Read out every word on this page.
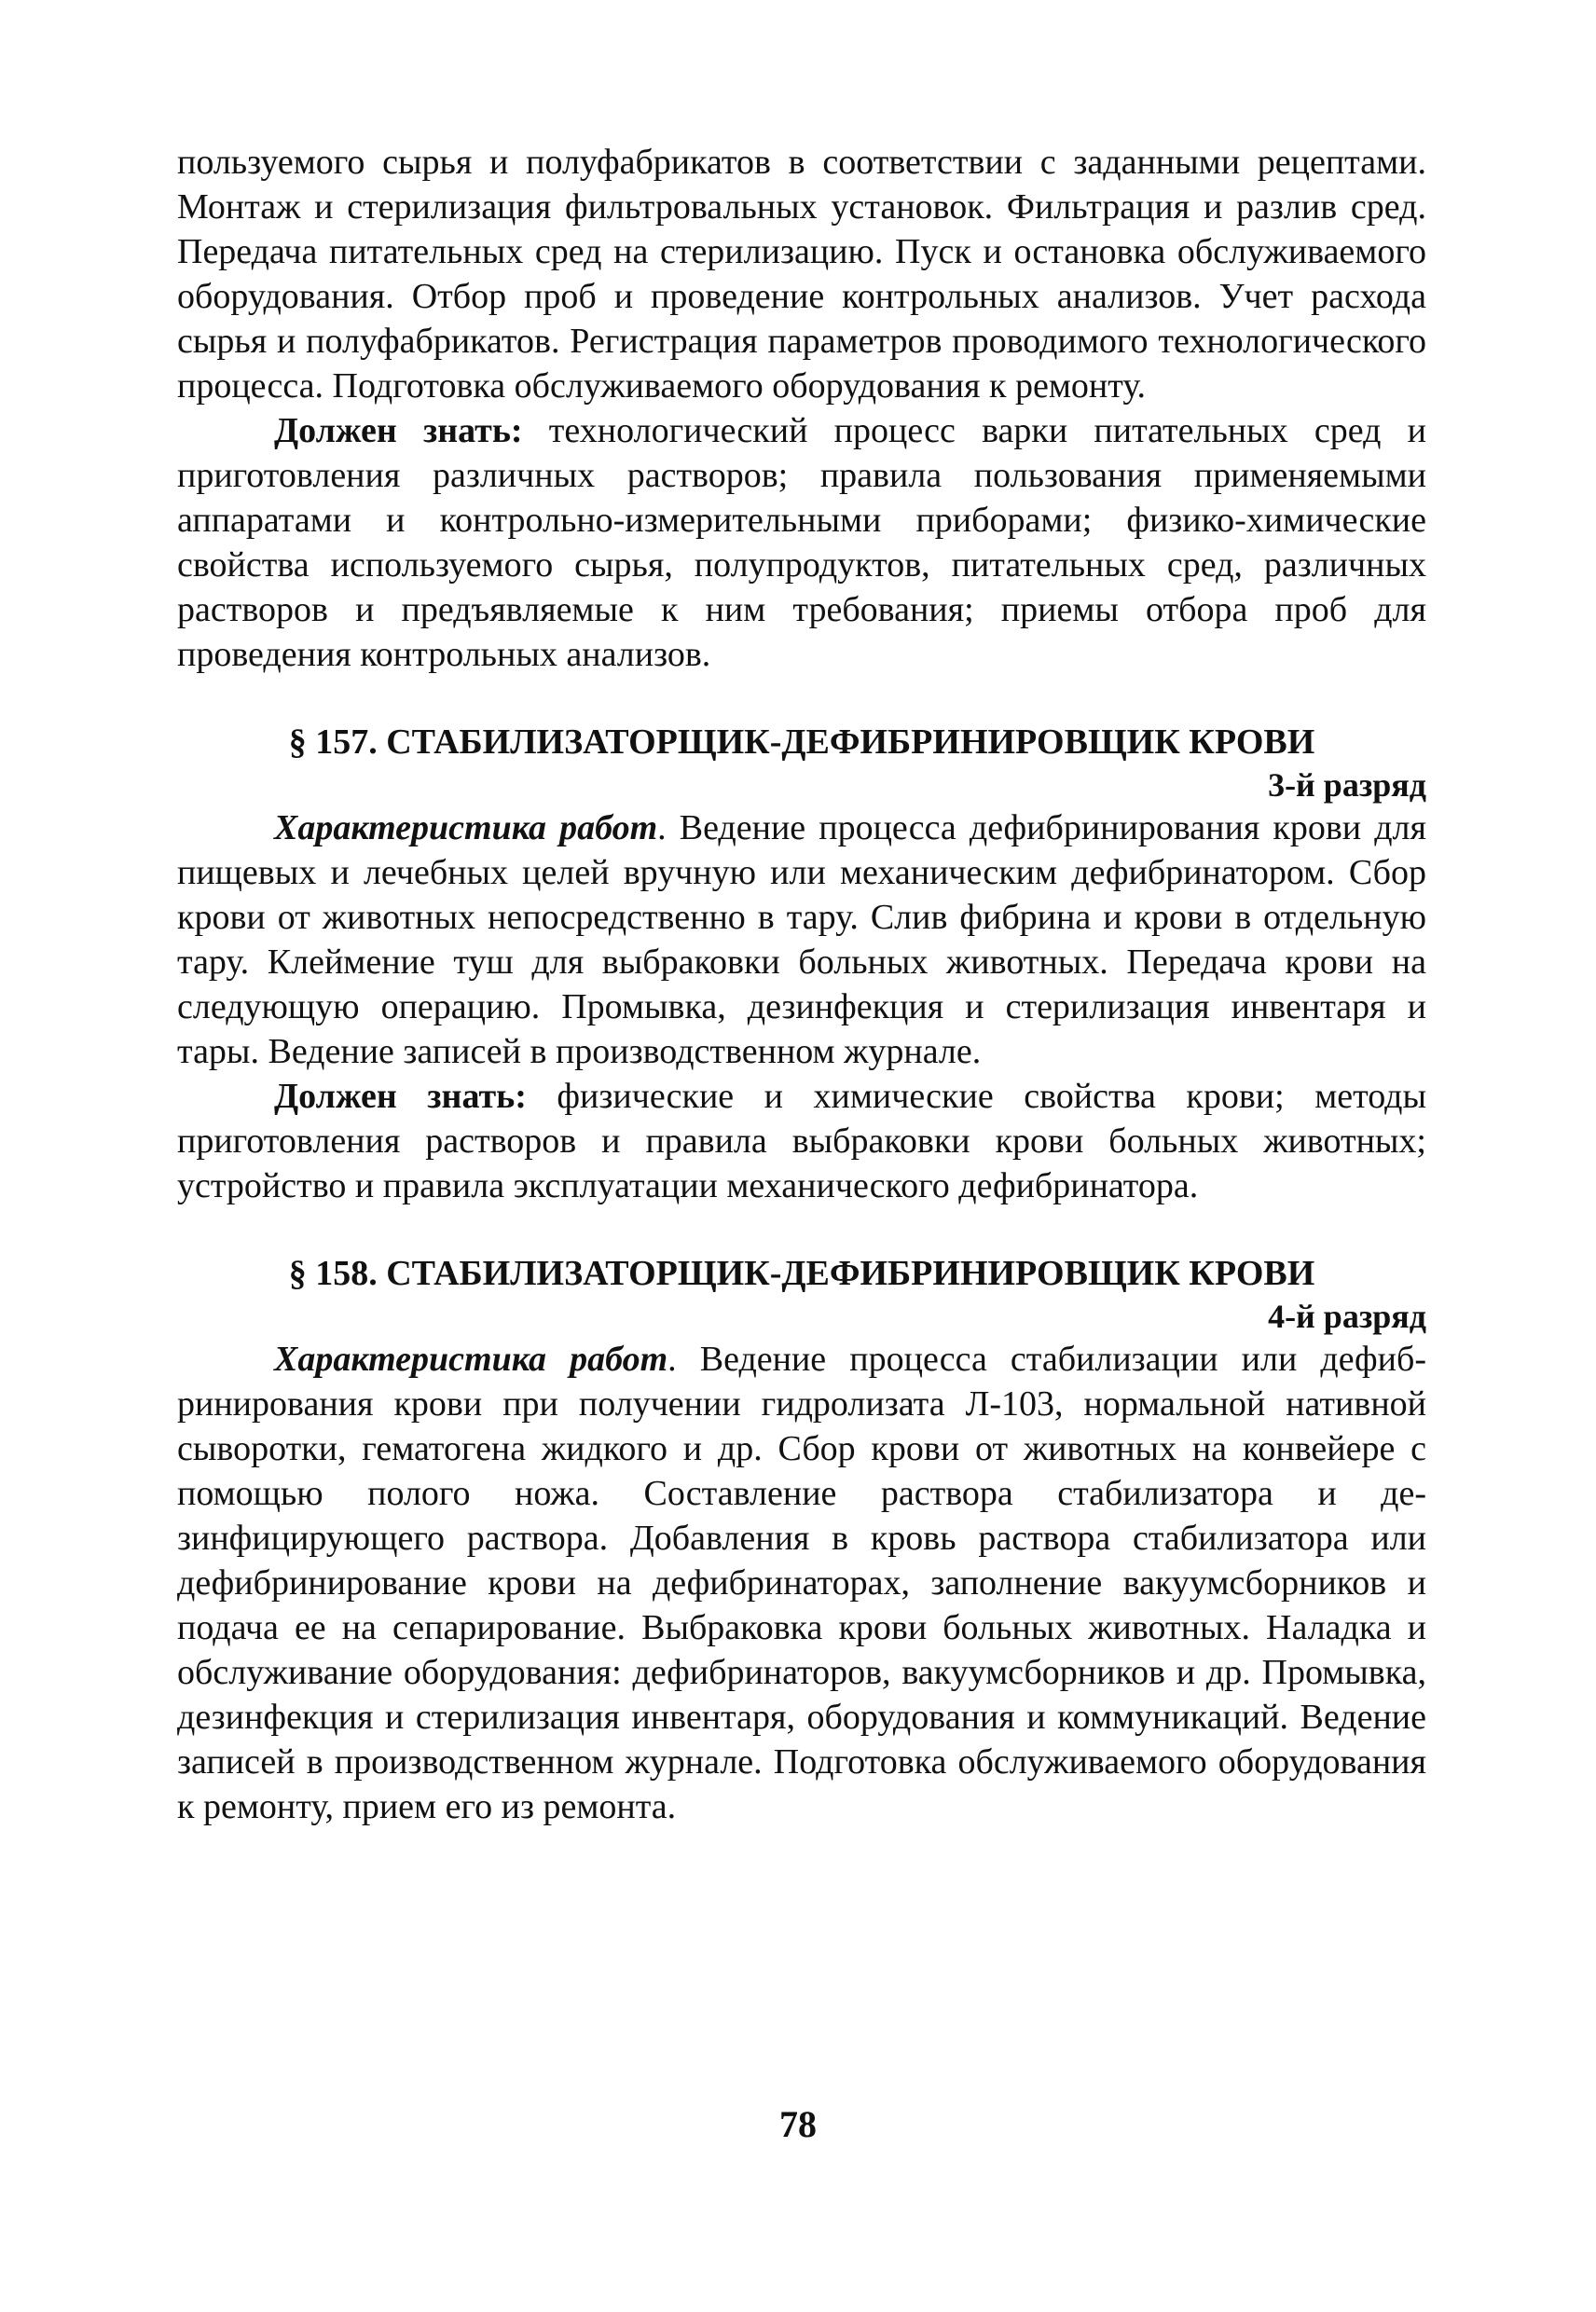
пользуемого сырья и полуфабрикатов в соответствии с заданными рецептами. Монтаж и стерилизация фильтровальных установок. Фильтрация и разлив сред. Передача питательных сред на стерилизацию. Пуск и остановка обслуживаемого оборудования. Отбор проб и проведение контрольных анализов. Учет расхода сырья и полуфабрикатов. Регистрация параметров проводимого технологического процесса. Подготовка обслуживаемого оборудования к ремонту.

Должен знать: технологический процесс варки питательных сред и приготовления различных растворов; правила пользования применяемыми аппаратами и контрольно-измерительными приборами; физико-химические свойства используемого сырья, полупродуктов, питательных сред, различных растворов и предъявляемые к ним требования; приемы отбора проб для проведения контрольных анализов.

§ 157. СТАБИЛИЗАТОРЩИК-ДЕФИБРИНИРОВЩИК КРОВИ
3-й разряд

Характеристика работ. Ведение процесса дефибринирования крови для пищевых и лечебных целей вручную или механическим дефибринатором. Сбор крови от животных непосредственно в тару. Слив фибрина и крови в отдельную тару. Клеймение туш для выбраковки больных животных. Передача крови на следующую операцию. Промывка, дезинфекция и стерилизация инвентаря и тары. Ведение записей в производственном журнале.

Должен знать: физические и химические свойства крови; методы приготовления растворов и правила выбраковки крови больных животных; устройство и правила эксплуатации механического дефибринатора.

§ 158. СТАБИЛИЗАТОРЩИК-ДЕФИБРИНИРОВЩИК КРОВИ
4-й разряд

Характеристика работ. Ведение процесса стабилизации или дефибринирования крови при получении гидролизата Л-103, нормальной нативной сыворотки, гематогена жидкого и др. Сбор крови от животных на конвейере с помощью полого ножа. Составление раствора стабилизатора и дезинфицирующего раствора. Добавления в кровь раствора стабилизатора или дефибринирование крови на дефибринаторах, заполнение вакуумсборников и подача ее на сепарирование. Выбраковка крови больных животных. Наладка и обслуживание оборудования: дефибринаторов, вакуумсборников и др. Промывка, дезинфекция и стерилизация инвентаря, оборудования и коммуникаций. Ведение записей в производственном журнале. Подготовка обслуживаемого оборудования к ремонту, прием его из ремонта.

78
